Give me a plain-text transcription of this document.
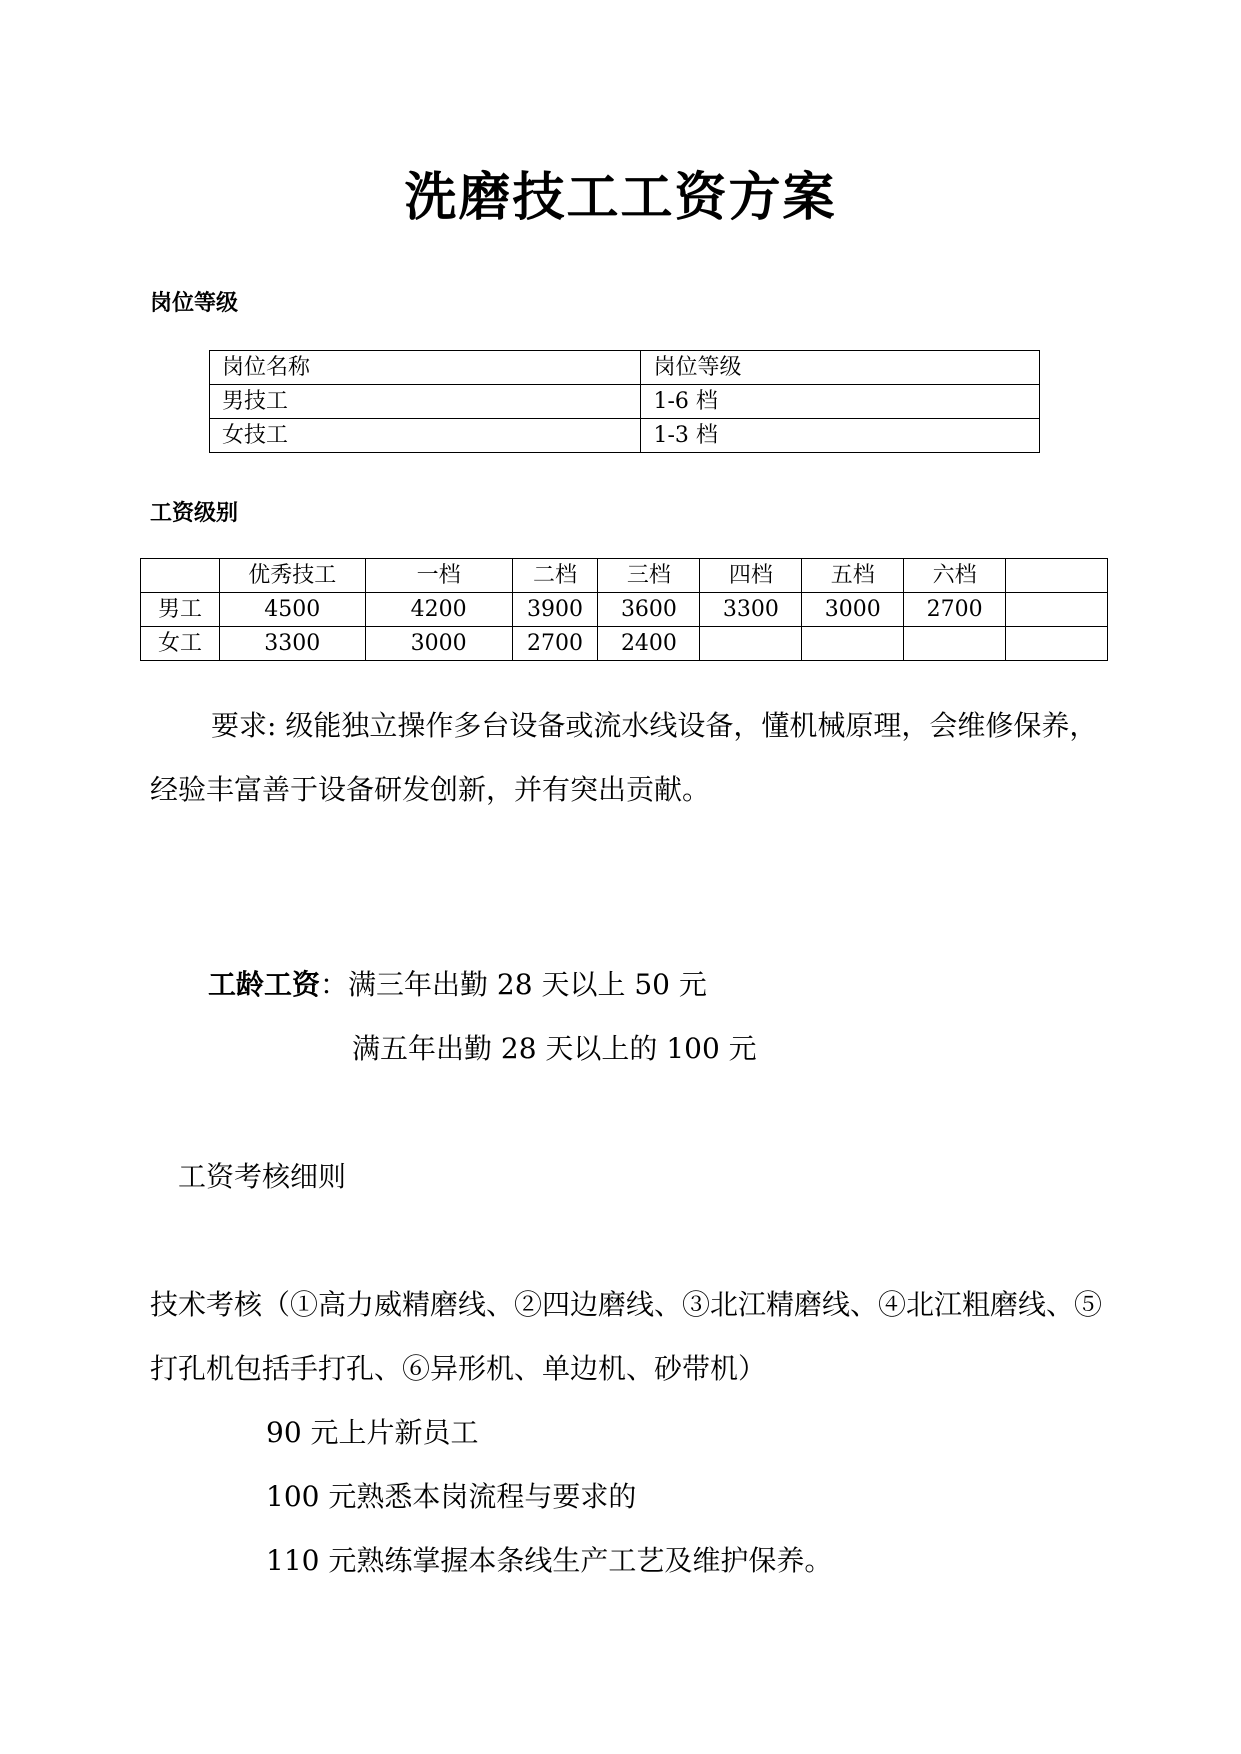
洗磨技工工资方案
岗位等级
岗位名称	岗位等级
男技工	1-6 档
女技工	1-3 档
工资级别
	优秀技工	一档	二档	三档	四档	五档	六档	
男工	4500	4200	3900	3600	3300	3000	2700	
女工	3300	3000	2700	2400				
要求: 级能独立操作多台设备或流水线设备，懂机械原理，会维修保养，
经验丰富善于设备研发创新，并有突出贡献。
工龄工资：满三年出勤 28 天以上 50 元
满五年出勤 28 天以上的 100 元
工资考核细则
技术考核（①高力威精磨线、②四边磨线、③北江精磨线、④北江粗磨线、⑤
打孔机包括手打孔、⑥异形机、单边机、砂带机）
90 元上片新员工
100 元熟悉本岗流程与要求的
110 元熟练掌握本条线生产工艺及维护保养。
